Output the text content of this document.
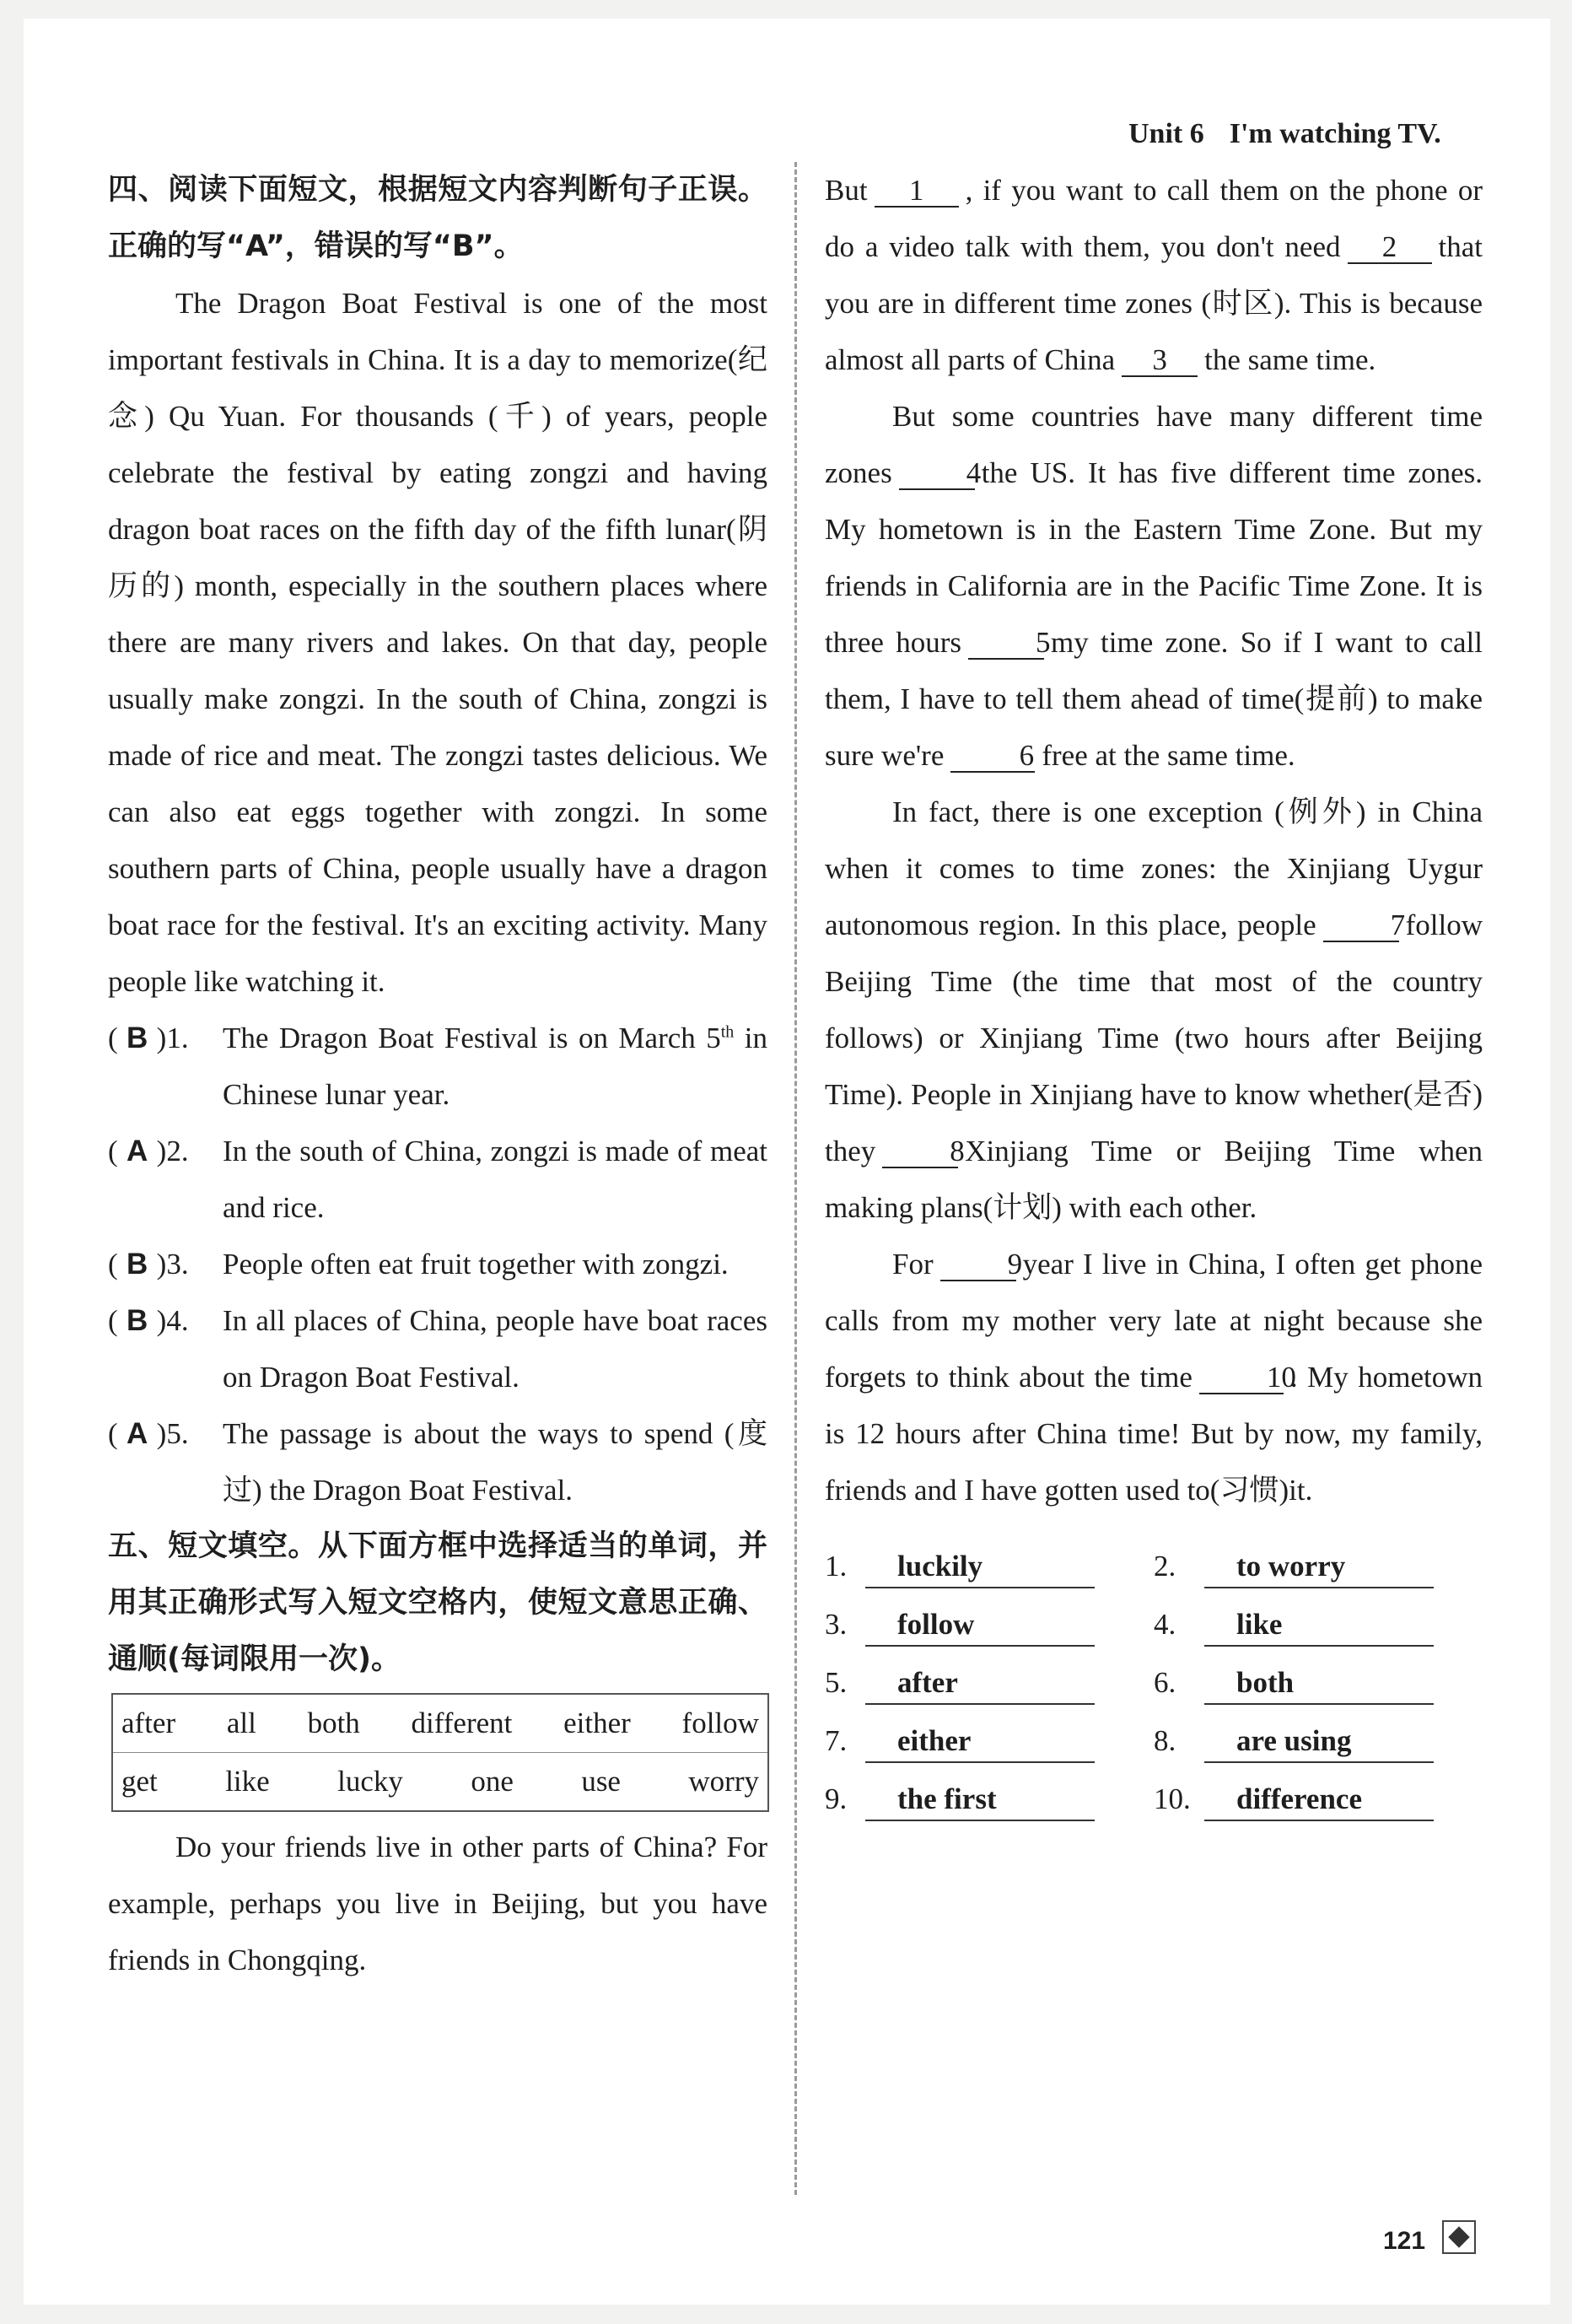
Unit 6 I'm watching TV.
四、阅读下面短文，根据短文内容判断句子正误。正确的写“A”，错误的写“B”。

The Dragon Boat Festival is one of the most important festivals in China. It is a day to memorize(纪念) Qu Yuan. For thousands (千) of years, people celebrate the festival by eating zongzi and having dragon boat races on the fifth day of the fifth lunar(阴历的) month, especially in the southern places where there are many rivers and lakes. On that day, people usually make zongzi. In the south of China, zongzi is made of rice and meat. The zongzi tastes delicious. We can also eat eggs together with zongzi. In some southern parts of China, people usually have a dragon boat race for the festival. It's an exciting activity. Many people like watching it.

( B )1.	The Dragon Boat Festival is on March 5th in Chinese lunar year.
( A )2.	In the south of China, zongzi is made of meat and rice.
( B )3.	People often eat fruit together with zongzi.
( B )4.	In all places of China, people have boat races on Dragon Boat Festival.
( A )5.	The passage is about the ways to spend (度 过) the Dragon Boat Festival.
五、短文填空。从下面方框中选择适当的单词，并用其正确形式写入短文空格内，使短文意思正确、通顺(每词限用一次)。
after all both different either follow
get like lucky one use worry

Do your friends live in other parts of China? For example, perhaps you live in Beijing, but you have friends in Chongqing.

But 1 , if you want to call them on the phone or do a video talk with them, you don't need 2 that you are in different time zones (时区). This is because almost all parts of China 3 the same time.

But some countries have many different time zones	4the US. It has five different time zones. My hometown is in the Eastern Time Zone. But my friends in California are in the Pacific Time Zone. It is three hours	5my time zone. So if I want to call them, I have to tell them ahead of time(提前) to make sure we're	6 free at the same time.

In fact, there is one exception (例外) in China when it comes to time zones: the Xinjiang Uygur autonomous region. In this place, people	7follow Beijing Time (the time that most of the country follows) or Xinjiang Time (two hours after Beijing Time). People in Xinjiang have to know whether(是否) they	8Xinjiang Time or Beijing Time when making plans(计划) with each other.

For	9year I live in China, I often get phone calls from my mother very late at night because she forgets to think about the time	10. My hometown is 12 hours after China time! But by now, my family, friends and I have gotten used to(习惯)it.

1.	luckily	2.	to worry
3.	follow	4.	like
5.	after	6.	both
7.	either	8.	are using
9.	the first	10.	difference
121
